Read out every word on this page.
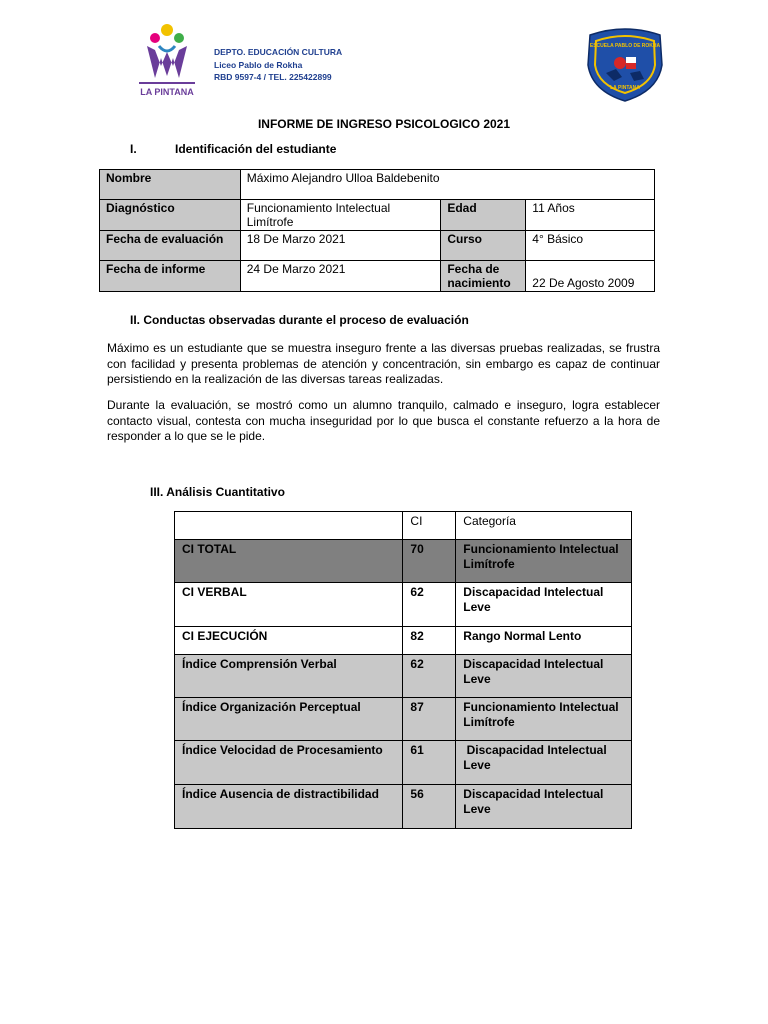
LA PINTANA
DEPTO. EDUCACIÓN CULTURA
Liceo Pablo de Rokha
RBD 9597-4 / TEL. 225422899
ESCUELA PABLO DE ROKHA
LA PINTANA
INFORME DE INGRESO PSICOLOGICO 2021
I.	Identificación del estudiante
Nombre	Máximo Alejandro Ulloa Baldebenito		
Diagnóstico	Funcionamiento Intelectual Limítrofe	Edad	11 Años
Fecha de evaluación	18 De Marzo 2021	Curso	4° Básico
Fecha de informe	24 De Marzo 2021	Fecha de nacimiento	22 De Agosto 2009
II. Conductas observadas durante el proceso de evaluación
Máximo es un estudiante que se muestra inseguro frente a las diversas pruebas realizadas, se frustra con facilidad y presenta problemas de atención y concentración, sin embargo es capaz de continuar persistiendo en la realización de las diversas tareas realizadas.
Durante la evaluación, se mostró como un alumno tranquilo, calmado e inseguro, logra establecer contacto visual, contesta con mucha inseguridad por lo que busca el constante refuerzo a la hora de responder a lo que se le pide.
III. Análisis Cuantitativo
	CI	Categoría
CI TOTAL	70	Funcionamiento Intelectual Limítrofe
CI VERBAL	62	Discapacidad Intelectual Leve
CI EJECUCIÓN	82	Rango Normal Lento
Índice Comprensión Verbal	62	Discapacidad Intelectual Leve
Índice Organización Perceptual	87	Funcionamiento Intelectual Limítrofe
Índice Velocidad de Procesamiento	61	Discapacidad Intelectual Leve
Índice Ausencia de distractibilidad	56	Discapacidad Intelectual Leve
